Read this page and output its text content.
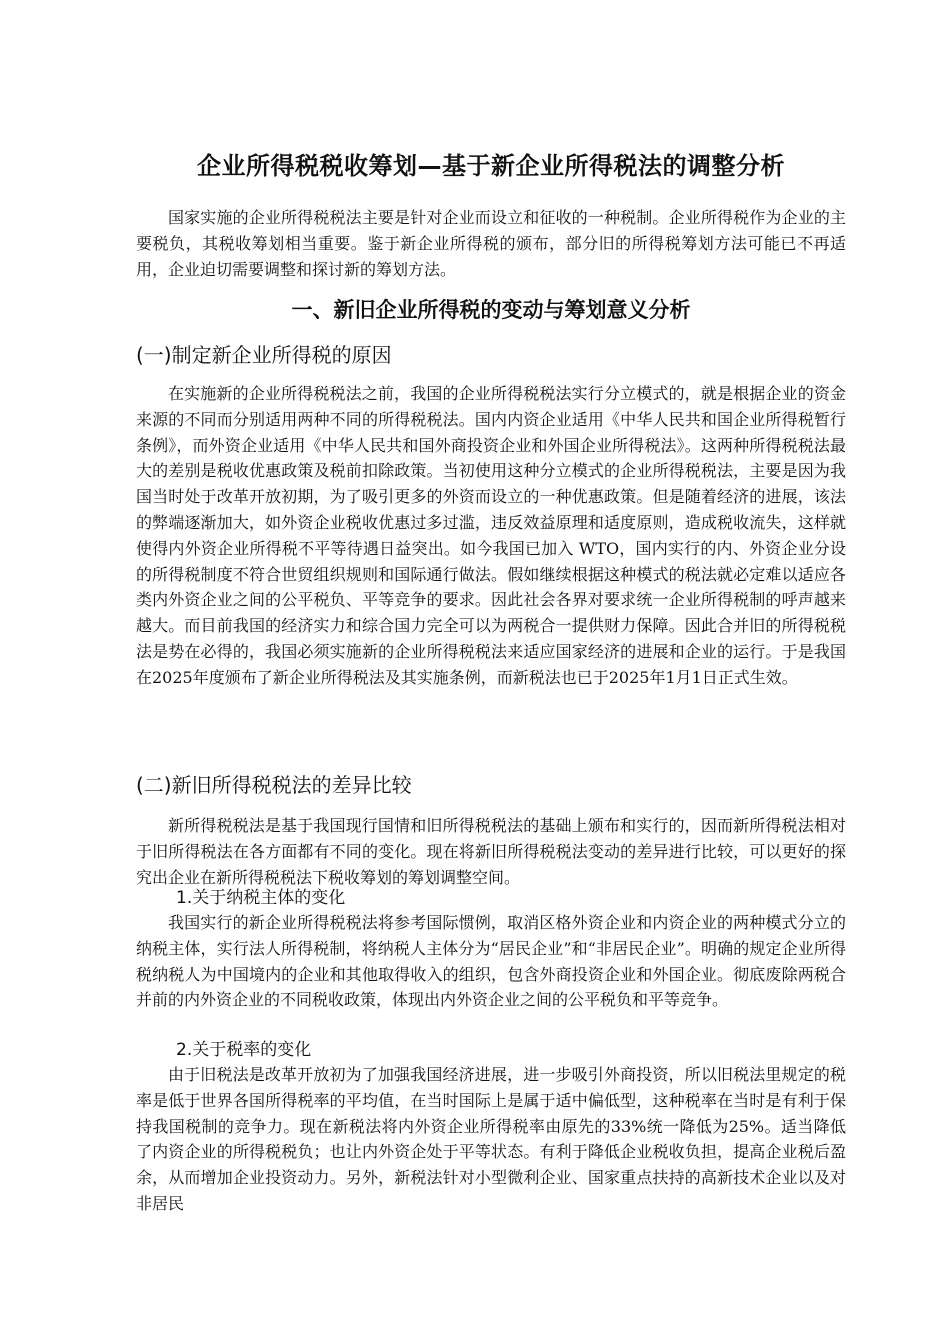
企业所得税税收筹划—基于新企业所得税法的调整分析

国家实施的企业所得税税法主要是针对企业而设立和征收的一种税制。企业所得税作为企业的主要税负，其税收筹划相当重要。鉴于新企业所得税的颁布，部分旧的所得税筹划方法可能已不再适用，企业迫切需要调整和探讨新的筹划方法。

一、新旧企业所得税的变动与筹划意义分析
(一)制定新企业所得税的原因

在实施新的企业所得税税法之前，我国的企业所得税税法实行分立模式的，就是根据企业的资金来源的不同而分别适用两种不同的所得税税法。国内内资企业适用《中华人民共和国企业所得税暂行条例》，而外资企业适用《中华人民共和国外商投资企业和外国企业所得税法》。这两种所得税税法最大的差别是税收优惠政策及税前扣除政策。当初使用这种分立模式的企业所得税税法，主要是因为我国当时处于改革开放初期，为了吸引更多的外资而设立的一种优惠政策。但是随着经济的进展，该法的弊端逐渐加大，如外资企业税收优惠过多过滥，违反效益原理和适度原则，造成税收流失，这样就使得内外资企业所得税不平等待遇日益突出。如今我国已加入 WTO，国内实行的内、外资企业分设的所得税制度不符合世贸组织规则和国际通行做法。假如继续根据这种模式的税法就必定难以适应各类内外资企业之间的公平税负、平等竞争的要求。因此社会各界对要求统一企业所得税制的呼声越来越大。而目前我国的经济实力和综合国力完全可以为两税合一提供财力保障。因此合并旧的所得税税法是势在必得的，我国必须实施新的企业所得税税法来适应国家经济的进展和企业的运行。于是我国在2025年度颁布了新企业所得税法及其实施条例，而新税法也已于2025年1月1日正式生效。

(二)新旧所得税税法的差异比较

新所得税税法是基于我国现行国情和旧所得税税法的基础上颁布和实行的，因而新所得税法相对于旧所得税法在各方面都有不同的变化。现在将新旧所得税税法变动的差异进行比较，可以更好的探究出企业在新所得税税法下税收筹划的筹划调整空间。

1.关于纳税主体的变化

我国实行的新企业所得税税法将参考国际惯例，取消区格外资企业和内资企业的两种模式分立的纳税主体，实行法人所得税制，将纳税人主体分为“居民企业”和“非居民企业”。明确的规定企业所得税纳税人为中国境内的企业和其他取得收入的组织，包含外商投资企业和外国企业。彻底废除两税合并前的内外资企业的不同税收政策，体现出内外资企业之间的公平税负和平等竞争。

2.关于税率的变化

由于旧税法是改革开放初为了加强我国经济进展，进一步吸引外商投资，所以旧税法里规定的税率是低于世界各国所得税率的平均值，在当时国际上是属于适中偏低型，这种税率在当时是有利于保持我国税制的竞争力。现在新税法将内外资企业所得税率由原先的33%统一降低为25%。适当降低了内资企业的所得税税负；也让内外资企处于平等状态。有利于降低企业税收负担，提高企业税后盈余，从而增加企业投资动力。另外，新税法针对小型微利企业、国家重点扶持的高新技术企业以及对非居民
